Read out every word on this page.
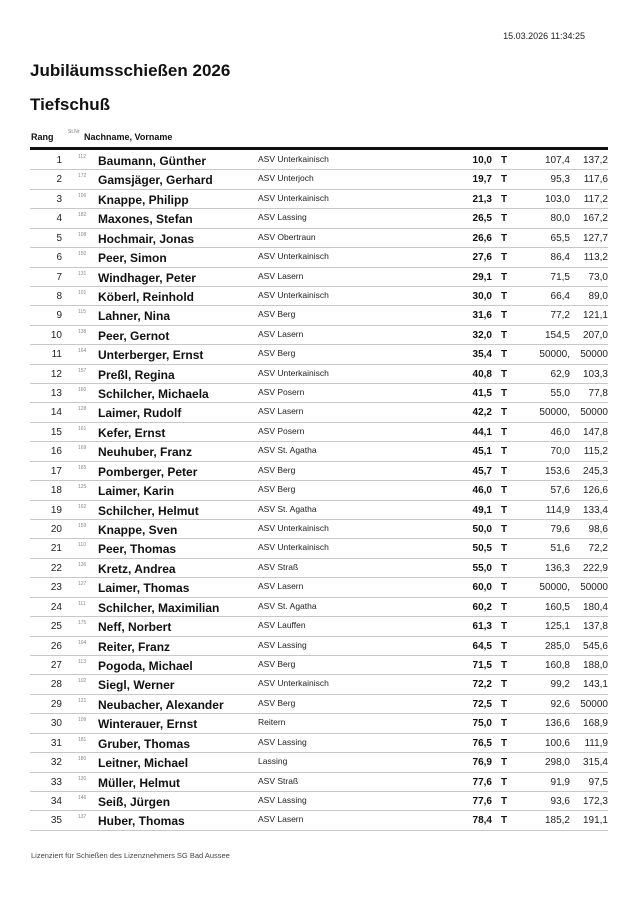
15.03.2026 11:34:25
Jubiläumsschießen 2026
Tiefschuß
Rang	St.Nr Nachname, Vorname
1	112 Baumann, Günther	ASV Unterkainisch	10,0 T	107,4	137,2
2	172 Gamsjäger, Gerhard	ASV Unterjoch	19,7 T	95,3	117,6
3	106 Knappe, Philipp	ASV Unterkainisch	21,3 T	103,0	117,2
4	182 Maxones, Stefan	ASV Lassing	26,5 T	80,0	167,2
5	108 Hochmair, Jonas	ASV Obertraun	26,6 T	65,5	127,7
6	150 Peer, Simon	ASV Unterkainisch	27,6 T	86,4	113,2
7	131 Windhager, Peter	ASV Lasern	29,1 T	71,5	73,0
8	101 Köberl, Reinhold	ASV Unterkainisch	30,0 T	66,4	89,0
9	115 Lahner, Nina	ASV Berg	31,6 T	77,2	121,1
10	138 Peer, Gernot	ASV Lasern	32,0 T	154,5	207,0
11	164 Unterberger, Ernst	ASV Berg	35,4 T	50000,	50000
12	157 Preßl, Regina	ASV Unterkainisch	40,8 T	62,9	103,3
13	160 Schilcher, Michaela	ASV Posern	41,5 T	55,0	77,8
14	128 Laimer, Rudolf	ASV Lasern	42,2 T	50000,	50000
15	161 Kefer, Ernst	ASV Posern	44,1 T	46,0	147,8
16	169 Neuhuber, Franz	ASV St. Agatha	45,1 T	70,0	115,2
17	165 Pomberger, Peter	ASV Berg	45,7 T	153,6	245,3
18	125 Laimer, Karin	ASV Berg	46,0 T	57,6	126,6
19	162 Schilcher, Helmut	ASV St. Agatha	49,1 T	114,9	133,4
20	159 Knappe, Sven	ASV Unterkainisch	50,0 T	79,6	98,6
21	110 Peer, Thomas	ASV Unterkainisch	50,5 T	51,6	72,2
22	136 Kretz, Andrea	ASV Straß	55,0 T	136,3	222,9
23	127 Laimer, Thomas	ASV Lasern	60,0 T	50000,	50000
24	111 Schilcher, Maximilian	ASV St. Agatha	60,2 T	160,5	180,4
25	175 Neff, Norbert	ASV Lauffen	61,3 T	125,1	137,8
26	104 Reiter, Franz	ASV Lassing	64,5 T	285,0	545,6
27	113 Pogoda, Michael	ASV Berg	71,5 T	160,8	188,0
28	102 Siegl, Werner	ASV Unterkainisch	72,2 T	99,2	143,1
29	121 Neubacher, Alexander	ASV Berg	72,5 T	92,6	50000
30	109 Winterauer, Ernst	Reitern	75,0 T	136,6	168,9
31	181 Gruber, Thomas	ASV Lassing	76,5 T	100,6	111,9
32	180 Leitner, Michael	Lassing	76,9 T	298,0	315,4
33	130 Müller, Helmut	ASV Straß	77,6 T	91,9	97,5
34	146 Seiß, Jürgen	ASV Lassing	77,6 T	93,6	172,3
35	137 Huber, Thomas	ASV Lasern	78,4 T	185,2	191,1
Lizenziert für Schießen des Lizenznehmers SG Bad Aussee
